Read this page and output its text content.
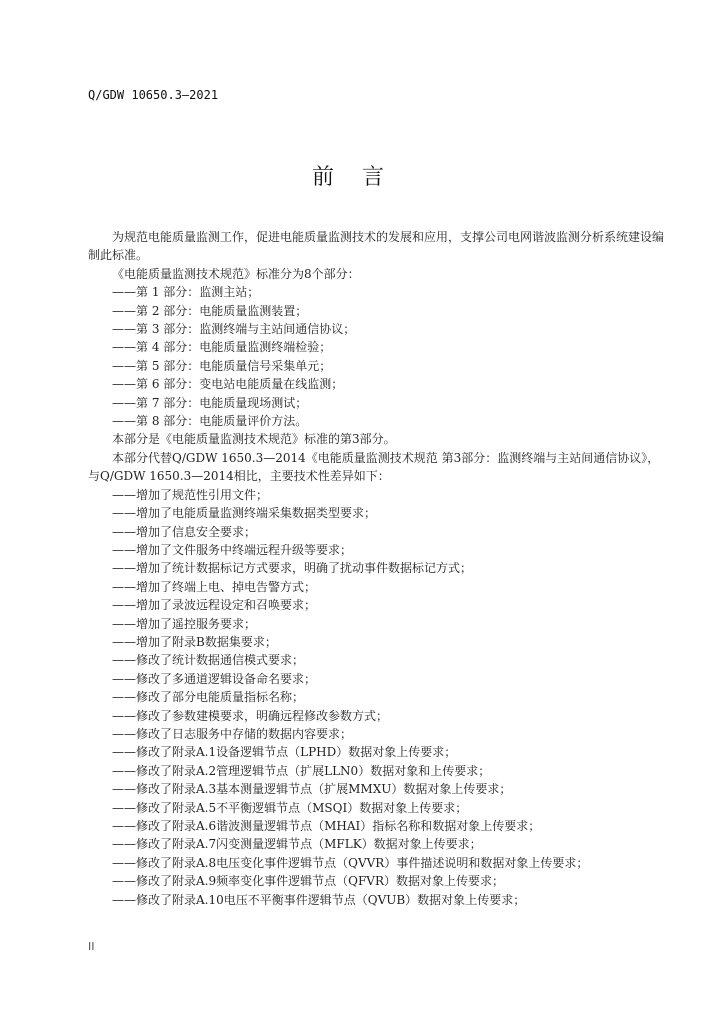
Q/GDW 10650.3—2021
前言

为规范电能质量监测工作，促进电能质量监测技术的发展和应用，支撑公司电网谐波监测分析系统建设编制此标准。

《电能质量监测技术规范》标准分为8个部分：

——第 1 部分：监测主站；

——第 2 部分：电能质量监测装置；

——第 3 部分：监测终端与主站间通信协议；

——第 4 部分：电能质量监测终端检验；

——第 5 部分：电能质量信号采集单元；

——第 6 部分：变电站电能质量在线监测；

——第 7 部分：电能质量现场测试；

——第 8 部分：电能质量评价方法。

本部分是《电能质量监测技术规范》标准的第3部分。

本部分代替Q/GDW 1650.3—2014《电能质量监测技术规范 第3部分：监测终端与主站间通信协议》，与Q/GDW 1650.3—2014相比，主要技术性差异如下：

——增加了规范性引用文件；

——增加了电能质量监测终端采集数据类型要求；

——增加了信息安全要求；

——增加了文件服务中终端远程升级等要求；

——增加了统计数据标记方式要求，明确了扰动事件数据标记方式；

——增加了终端上电、掉电告警方式；

——增加了录波远程设定和召唤要求；

——增加了遥控服务要求；

——增加了附录B数据集要求；

——修改了统计数据通信模式要求；

——修改了多通道逻辑设备命名要求；

——修改了部分电能质量指标名称；

——修改了参数建模要求，明确远程修改参数方式；

——修改了日志服务中存储的数据内容要求；

——修改了附录A.1设备逻辑节点（LPHD）数据对象上传要求；

——修改了附录A.2管理逻辑节点（扩展LLN0）数据对象和上传要求；

——修改了附录A.3基本测量逻辑节点（扩展MMXU）数据对象上传要求；

——修改了附录A.5不平衡逻辑节点（MSQI）数据对象上传要求；

——修改了附录A.6谐波测量逻辑节点（MHAI）指标名称和数据对象上传要求；

——修改了附录A.7闪变测量逻辑节点（MFLK）数据对象上传要求；

——修改了附录A.8电压变化事件逻辑节点（QVVR）事件描述说明和数据对象上传要求；

——修改了附录A.9频率变化事件逻辑节点（QFVR）数据对象上传要求；

——修改了附录A.10电压不平衡事件逻辑节点（QVUB）数据对象上传要求；

II
